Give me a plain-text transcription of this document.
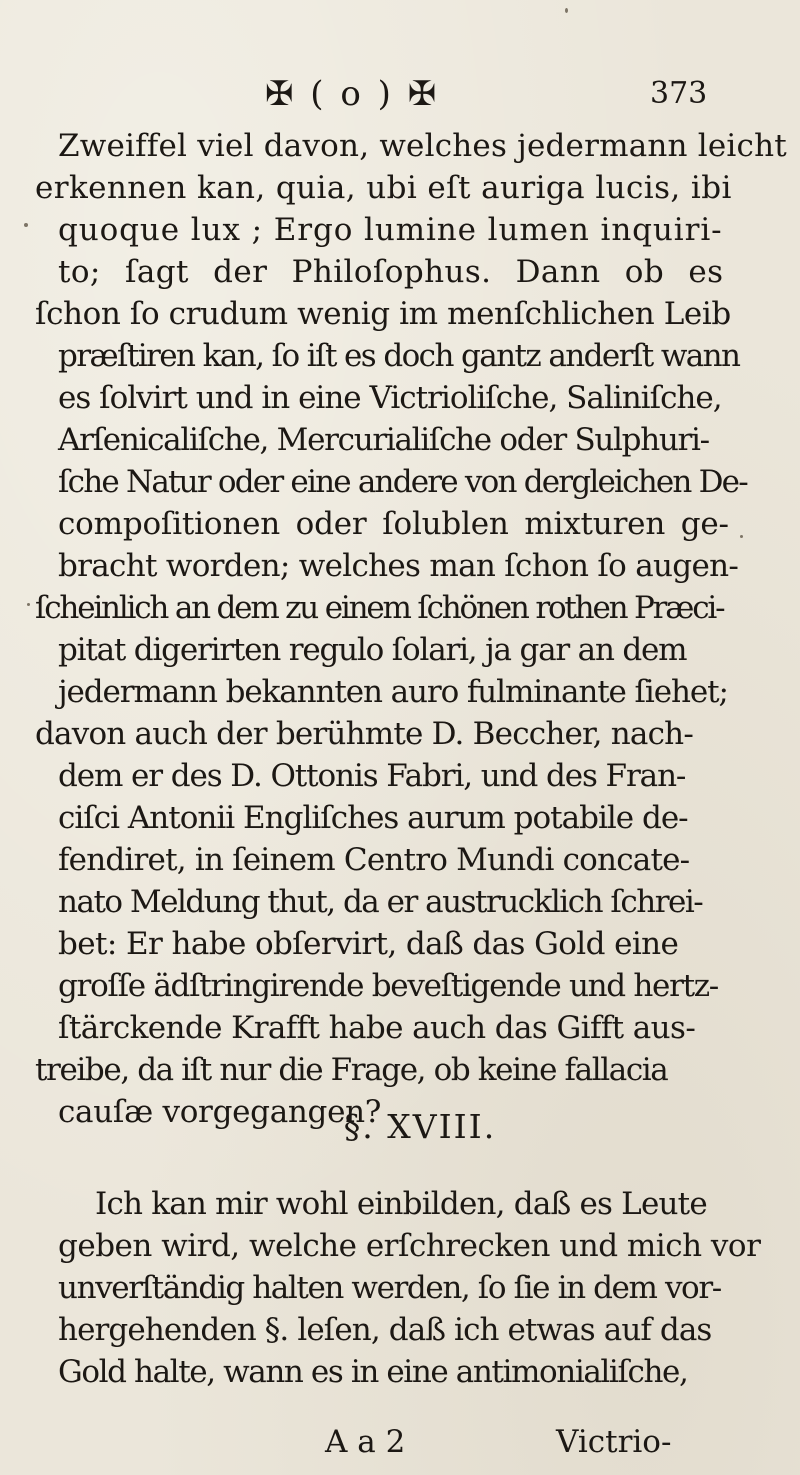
✠ ( o ) ✠	373
Zweiffel viel davon, welches jedermann leicht
erkennen kan, quia, ubi eſt auriga lucis, ibi
quoque lux ; Ergo lumine lumen inquiri-
to; ſagt der Philoſophus. Dann ob es
ſchon ſo crudum wenig im menſchlichen Leib
præſtiren kan, ſo iſt es doch gantz anderſt wann
es ſolvirt und in eine Victrioliſche, Saliniſche,
Arſenicaliſche, Mercurialiſche oder Sulphuri-
ſche Natur oder eine andere von dergleichen De-
compoſitionen oder ſolublen mixturen ge-
bracht worden; welches man ſchon ſo augen-
ſcheinlich an dem zu einem ſchönen rothen Præci-
pitat digerirten regulo ſolari, ja gar an dem
jedermann bekannten auro fulminante ſiehet;
davon auch der berühmte D. Beccher, nach-
dem er des D. Ottonis Fabri, und des Fran-
ciſci Antonii Engliſches aurum potabile de-
fendiret, in ſeinem Centro Mundi concate-
nato Meldung thut, da er austrucklich ſchrei-
bet: Er habe obſervirt, daß das Gold eine
groſſe ädſtringirende beveſtigende und hertz-
ſtärckende Krafft habe auch das Gifft aus-
treibe, da iſt nur die Frage, ob keine fallacia
cauſæ vorgegangen?
Ich kan mir wohl einbilden, daß es Leute
geben wird, welche erſchrecken und mich vor
unverſtändig halten werden, ſo ſie in dem vor-
hergehenden §. leſen, daß ich etwas auf das
Gold halte, wann es in eine antimonialiſche,
§. XVIII.
A a 2	Victrio-
